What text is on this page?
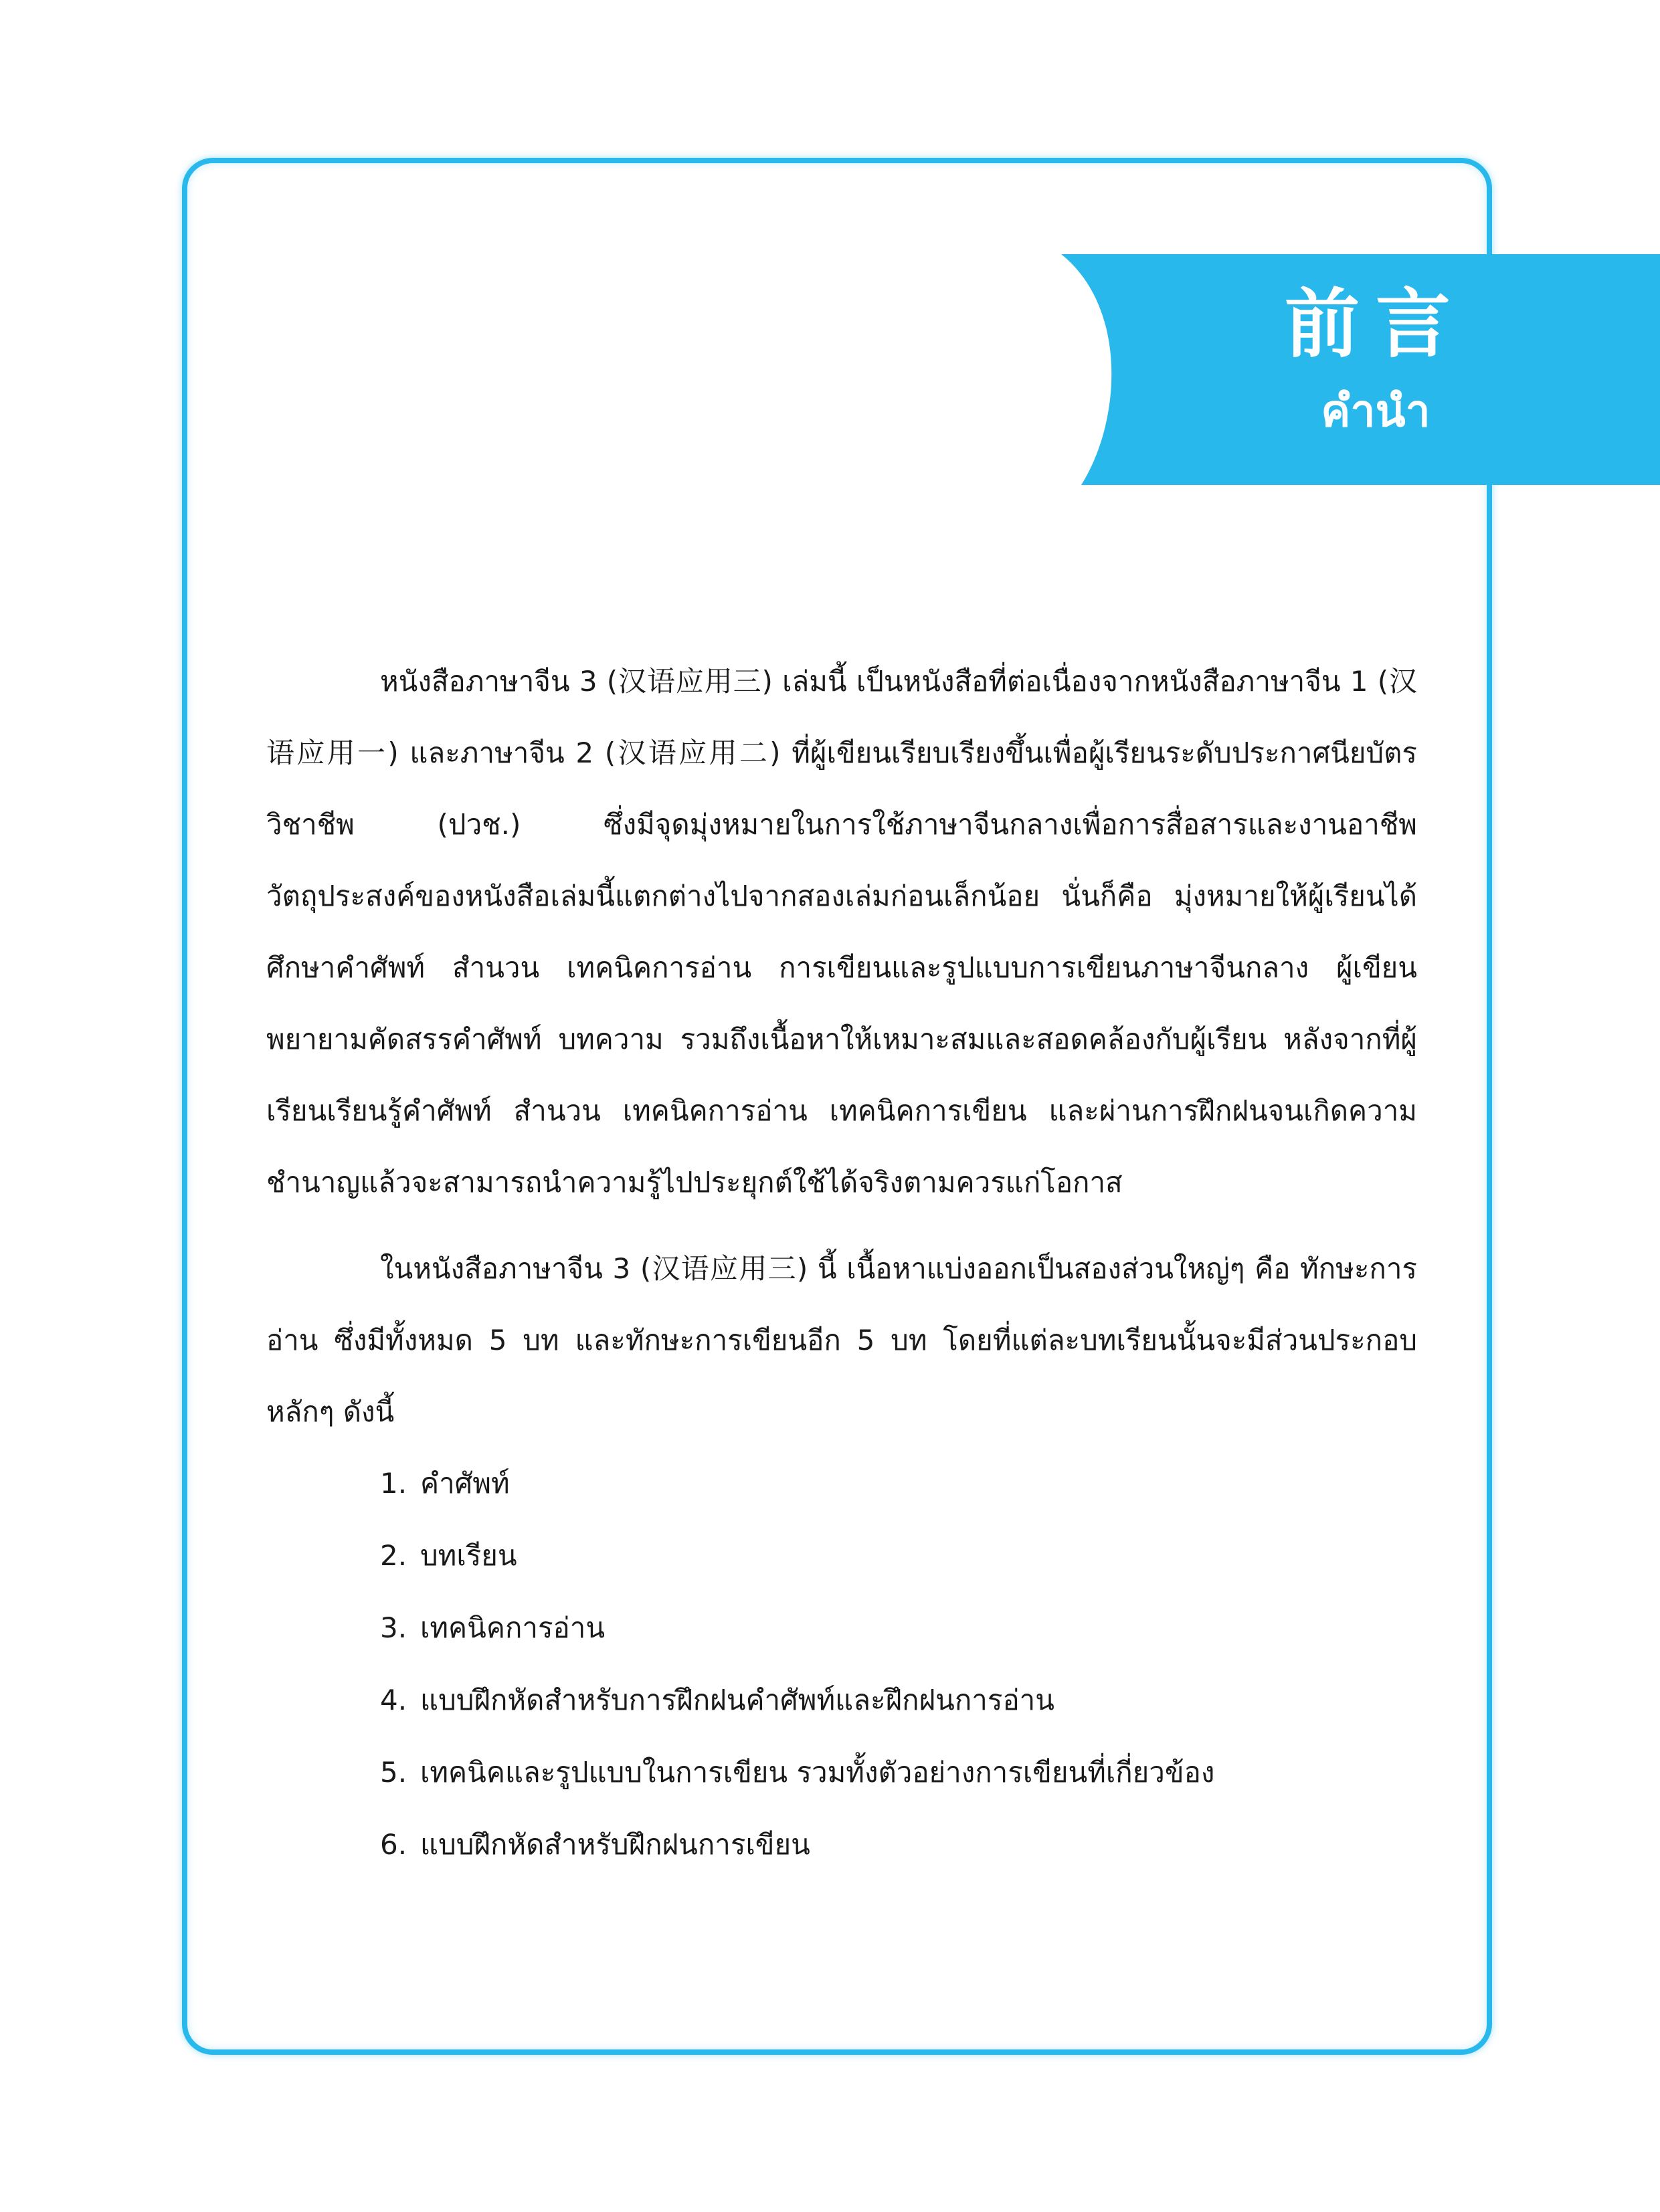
前言
คำนำ

หนังสือภาษาจีน 3 (汉语应用三) เล่มนี้ เป็นหนังสือที่ต่อเนื่องจากหนังสือภาษาจีน 1 (汉语应用一) และภาษาจีน 2 (汉语应用二) ที่ผู้เขียนเรียบเรียงขึ้นเพื่อผู้เรียนระดับประกาศนียบัตรวิชาชีพ (ปวช.) ซึ่งมีจุดมุ่งหมายในการใช้ภาษาจีนกลางเพื่อการสื่อสารและงานอาชีพ วัตถุประสงค์ของหนังสือเล่มนี้แตกต่างไปจากสองเล่มก่อนเล็กน้อย นั่นก็คือ มุ่งหมายให้ผู้เรียนได้ศึกษาคำศัพท์ สำนวน เทคนิคการอ่าน การเขียนและรูปแบบการเขียนภาษาจีนกลาง ผู้เขียนพยายามคัดสรรคำศัพท์ บทความ รวมถึงเนื้อหาให้เหมาะสมและสอดคล้องกับผู้เรียน หลังจากที่ผู้เรียนเรียนรู้คำศัพท์ สำนวน เทคนิคการอ่าน เทคนิคการเขียน และผ่านการฝึกฝนจนเกิดความชำนาญแล้วจะสามารถนำความรู้ไปประยุกต์ใช้ได้จริงตามควรแก่โอกาส

ในหนังสือภาษาจีน 3 (汉语应用三) นี้ เนื้อหาแบ่งออกเป็นสองส่วนใหญ่ๆ คือ ทักษะการอ่าน ซึ่งมีทั้งหมด 5 บท และทักษะการเขียนอีก 5 บท โดยที่แต่ละบทเรียนนั้นจะมีส่วนประกอบหลักๆ ดังนี้

1. คำศัพท์
2. บทเรียน
3. เทคนิคการอ่าน
4. แบบฝึกหัดสำหรับการฝึกฝนคำศัพท์และฝึกฝนการอ่าน
5. เทคนิคและรูปแบบในการเขียน รวมทั้งตัวอย่างการเขียนที่เกี่ยวข้อง
6. แบบฝึกหัดสำหรับฝึกฝนการเขียน
